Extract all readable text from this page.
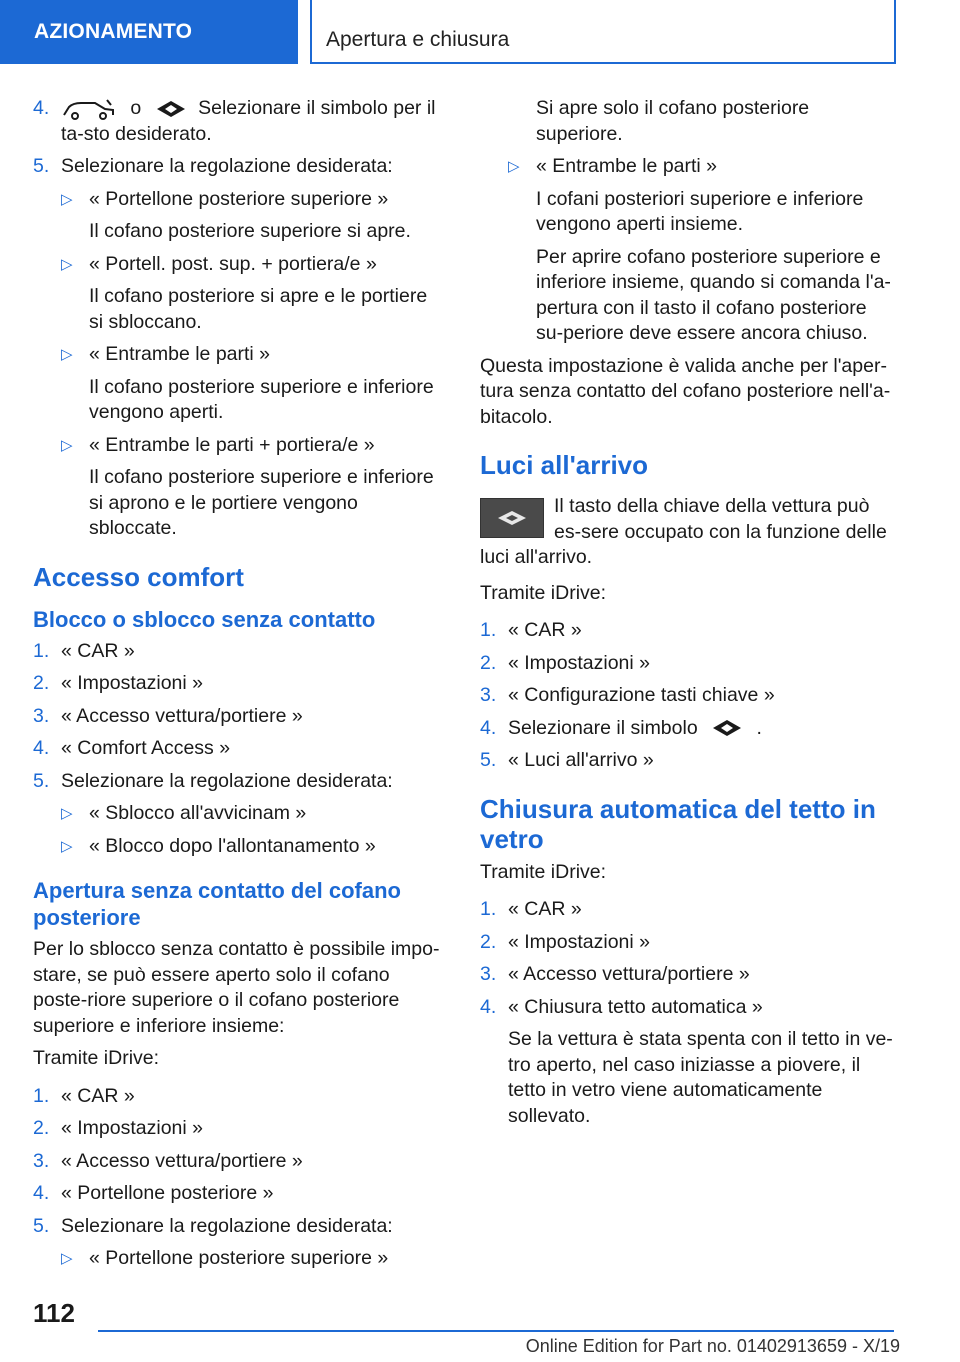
AZIONAMENTO	Apertura e chiusura
4.	o	Selezionare il simbolo per il ta-sto desiderato.
5. Selezionare la regolazione desiderata:
▷ « Portellone posteriore superiore »
Il cofano posteriore superiore si apre.
▷ « Portell. post. sup. + portiera/e »
Il cofano posteriore si apre e le portiere si sbloccano.
▷ « Entrambe le parti »
Il cofano posteriore superiore e inferiore vengono aperti.
▷ « Entrambe le parti + portiera/e »
Il cofano posteriore superiore e inferiore si aprono e le portiere vengono sbloccate.
Accesso comfort
Blocco o sblocco senza contatto
1. « CAR »
2. « Impostazioni »
3. « Accesso vettura/portiere »
4. « Comfort Access »
5. Selezionare la regolazione desiderata:
▷ « Sblocco all'avvicinam »
▷ « Blocco dopo l'allontanamento »
Apertura senza contatto del cofano posteriore
Per lo sblocco senza contatto è possibile impo-stare, se può essere aperto solo il cofano poste-riore superiore o il cofano posteriore superiore e inferiore insieme:
Tramite iDrive:
1. « CAR »
2. « Impostazioni »
3. « Accesso vettura/portiere »
4. « Portellone posteriore »
5. Selezionare la regolazione desiderata:
▷ « Portellone posteriore superiore »
Si apre solo il cofano posteriore superiore.
▷ « Entrambe le parti »
I cofani posteriori superiore e inferiore vengono aperti insieme.
Per aprire cofano posteriore superiore e inferiore insieme, quando si comanda l'a-pertura con il tasto il cofano posteriore su-periore deve essere ancora chiuso.
Questa impostazione è valida anche per l'aper-tura senza contatto del cofano posteriore nell'a-bitacolo.
Luci all'arrivo
Il tasto della chiave della vettura può es-sere occupato con la funzione delle luci all'arrivo.
Tramite iDrive:
1. « CAR »
2. « Impostazioni »
3. « Configurazione tasti chiave »
4. Selezionare il simbolo	.
5. « Luci all'arrivo »
Chiusura automatica del tetto in vetro
Tramite iDrive:
1. « CAR »
2. « Impostazioni »
3. « Accesso vettura/portiere »
4. « Chiusura tetto automatica »
Se la vettura è stata spenta con il tetto in ve-tro aperto, nel caso iniziasse a piovere, il tetto in vetro viene automaticamente sollevato.
112
Online Edition for Part no. 01402913659 - X/19
